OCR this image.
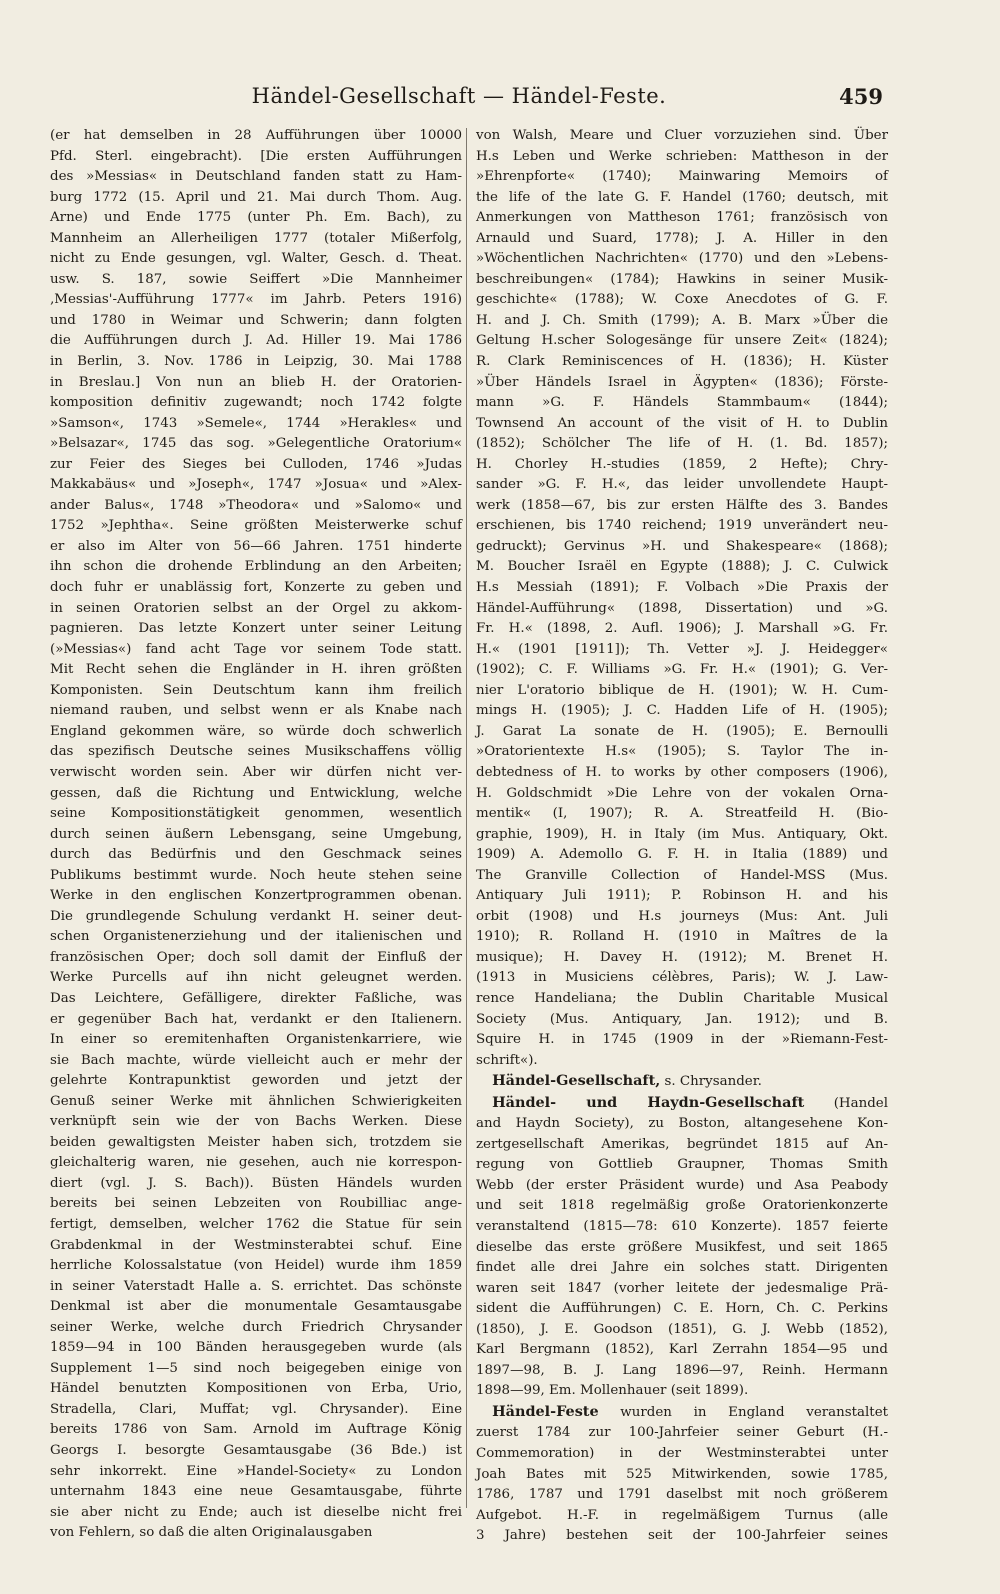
Händel-Gesellschaft — Händel-Feste.	459

(er hat demselben in 28 Aufführungen über 10000

Pfd. Sterl. eingebracht). [Die ersten Aufführungen

des »Messias« in Deutschland fanden statt zu Ham-

burg 1772 (15. April und 21. Mai durch Thom. Aug.

Arne) und Ende 1775 (unter Ph. Em. Bach), zu

Mannheim an Allerheiligen 1777 (totaler Mißerfolg,

nicht zu Ende gesungen, vgl. Walter, Gesch. d. Theat.

usw. S. 187, sowie Seiffert »Die Mannheimer

‚Messias'-Aufführung 1777« im Jahrb. Peters 1916)

und 1780 in Weimar und Schwerin; dann folgten

die Aufführungen durch J. Ad. Hiller 19. Mai 1786

in Berlin, 3. Nov. 1786 in Leipzig, 30. Mai 1788

in Breslau.] Von nun an blieb H. der Oratorien-

komposition definitiv zugewandt; noch 1742 folgte

»Samson«, 1743 »Semele«, 1744 »Herakles« und

»Belsazar«, 1745 das sog. »Gelegentliche Oratorium«

zur Feier des Sieges bei Culloden, 1746 »Judas

Makkabäus« und »Joseph«, 1747 »Josua« und »Alex-

ander Balus«, 1748 »Theodora« und »Salomo« und

1752 »Jephtha«. Seine größten Meisterwerke schuf

er also im Alter von 56—66 Jahren. 1751 hinderte

ihn schon die drohende Erblindung an den Arbeiten;

doch fuhr er unablässig fort, Konzerte zu geben und

in seinen Oratorien selbst an der Orgel zu akkom-

pagnieren. Das letzte Konzert unter seiner Leitung

(»Messias«) fand acht Tage vor seinem Tode statt.

Mit Recht sehen die Engländer in H. ihren größten

Komponisten. Sein Deutschtum kann ihm freilich

niemand rauben, und selbst wenn er als Knabe nach

England gekommen wäre, so würde doch schwerlich

das spezifisch Deutsche seines Musikschaffens völlig

verwischt worden sein. Aber wir dürfen nicht ver-

gessen, daß die Richtung und Entwicklung, welche

seine Kompositionstätigkeit genommen, wesentlich

durch seinen äußern Lebensgang, seine Umgebung,

durch das Bedürfnis und den Geschmack seines

Publikums bestimmt wurde. Noch heute stehen seine

Werke in den englischen Konzertprogrammen obenan.

Die grundlegende Schulung verdankt H. seiner deut-

schen Organistenerziehung und der italienischen und

französischen Oper; doch soll damit der Einfluß der

Werke Purcells auf ihn nicht geleugnet werden.

Das Leichtere, Gefälligere, direkter Faßliche, was

er gegenüber Bach hat, verdankt er den Italienern.

In einer so eremitenhaften Organistenkarriere, wie

sie Bach machte, würde vielleicht auch er mehr der

gelehrte Kontrapunktist geworden und jetzt der

Genuß seiner Werke mit ähnlichen Schwierigkeiten

verknüpft sein wie der von Bachs Werken. Diese

beiden gewaltigsten Meister haben sich, trotzdem sie

gleichalterig waren, nie gesehen, auch nie korrespon-

diert (vgl. J. S. Bach)). Büsten Händels wurden

bereits bei seinen Lebzeiten von Roubilliac ange-

fertigt, demselben, welcher 1762 die Statue für sein

Grabdenkmal in der Westminsterabtei schuf. Eine

herrliche Kolossalstatue (von Heidel) wurde ihm 1859

in seiner Vaterstadt Halle a. S. errichtet. Das schönste

Denkmal ist aber die monumentale Gesamtausgabe

seiner Werke, welche durch Friedrich Chrysander

1859—94 in 100 Bänden herausgegeben wurde (als

Supplement 1—5 sind noch beigegeben einige von

Händel benutzten Kompositionen von Erba, Urio,

Stradella, Clari, Muffat; vgl. Chrysander). Eine

bereits 1786 von Sam. Arnold im Auftrage König

Georgs I. besorgte Gesamtausgabe (36 Bde.) ist

sehr inkorrekt. Eine »Handel-Society« zu London

unternahm 1843 eine neue Gesamtausgabe, führte

sie aber nicht zu Ende; auch ist dieselbe nicht frei

von Fehlern, so daß die alten Originalausgaben

von Walsh, Meare und Cluer vorzuziehen sind. Über

H.s Leben und Werke schrieben: Mattheson in der

»Ehrenpforte« (1740); Mainwaring Memoirs of

the life of the late G. F. Handel (1760; deutsch, mit

Anmerkungen von Mattheson 1761; französisch von

Arnauld und Suard, 1778); J. A. Hiller in den

»Wöchentlichen Nachrichten« (1770) und den »Lebens-

beschreibungen« (1784); Hawkins in seiner Musik-

geschichte« (1788); W. Coxe Anecdotes of G. F.

H. and J. Ch. Smith (1799); A. B. Marx »Über die

Geltung H.scher Sologesänge für unsere Zeit« (1824);

R. Clark Reminiscences of H. (1836); H. Küster

»Über Händels Israel in Ägypten« (1836); Förste-

mann »G. F. Händels Stammbaum« (1844);

Townsend An account of the visit of H. to Dublin

(1852); Schölcher The life of H. (1. Bd. 1857);

H. Chorley H.-studies (1859, 2 Hefte); Chry-

sander »G. F. H.«, das leider unvollendete Haupt-

werk (1858—67, bis zur ersten Hälfte des 3. Bandes

erschienen, bis 1740 reichend; 1919 unverändert neu-

gedruckt); Gervinus »H. und Shakespeare« (1868);

M. Boucher Israël en Egypte (1888); J. C. Culwick

H.s Messiah (1891); F. Volbach »Die Praxis der

Händel-Aufführung« (1898, Dissertation) und »G.

Fr. H.« (1898, 2. Aufl. 1906); J. Marshall »G. Fr.

H.« (1901 [1911]); Th. Vetter »J. J. Heidegger«

(1902); C. F. Williams »G. Fr. H.« (1901); G. Ver-

nier L'oratorio biblique de H. (1901); W. H. Cum-

mings H. (1905); J. C. Hadden Life of H. (1905);

J. Garat La sonate de H. (1905); E. Bernoulli

»Oratorientexte H.s« (1905); S. Taylor The in-

debtedness of H. to works by other composers (1906),

H. Goldschmidt »Die Lehre von der vokalen Orna-

mentik« (I, 1907); R. A. Streatfeild H. (Bio-

graphie, 1909), H. in Italy (im Mus. Antiquary, Okt.

1909) A. Ademollo G. F. H. in Italia (1889) und

The Granville Collection of Handel-MSS (Mus.

Antiquary Juli 1911); P. Robinson H. and his

orbit (1908) und H.s journeys (Mus: Ant. Juli

1910); R. Rolland H. (1910 in Maîtres de la

musique); H. Davey H. (1912); M. Brenet H.

(1913 in Musiciens célèbres, Paris); W. J. Law-

rence Handeliana; the Dublin Charitable Musical

Society (Mus. Antiquary, Jan. 1912); und B.

Squire H. in 1745 (1909 in der »Riemann-Fest-

schrift«).

Händel-Gesellschaft, s. Chrysander.

Händel- und Haydn-Gesellschaft (Handel

and Haydn Society), zu Boston, altangesehene Kon-

zertgesellschaft Amerikas, begründet 1815 auf An-

regung von Gottlieb Graupner, Thomas Smith

Webb (der erster Präsident wurde) und Asa Peabody

und seit 1818 regelmäßig große Oratorienkonzerte

veranstaltend (1815—78: 610 Konzerte). 1857 feierte

dieselbe das erste größere Musikfest, und seit 1865

findet alle drei Jahre ein solches statt. Dirigenten

waren seit 1847 (vorher leitete der jedesmalige Prä-

sident die Aufführungen) C. E. Horn, Ch. C. Perkins

(1850), J. E. Goodson (1851), G. J. Webb (1852),

Karl Bergmann (1852), Karl Zerrahn 1854—95 und

1897—98, B. J. Lang 1896—97, Reinh. Hermann

1898—99, Em. Mollenhauer (seit 1899).

Händel-Feste wurden in England veranstaltet

zuerst 1784 zur 100-Jahrfeier seiner Geburt (H.-

Commemoration) in der Westminsterabtei unter

Joah Bates mit 525 Mitwirkenden, sowie 1785,

1786, 1787 und 1791 daselbst mit noch größerem

Aufgebot. H.-F. in regelmäßigem Turnus (alle

3 Jahre) bestehen seit der 100-Jahrfeier seines
